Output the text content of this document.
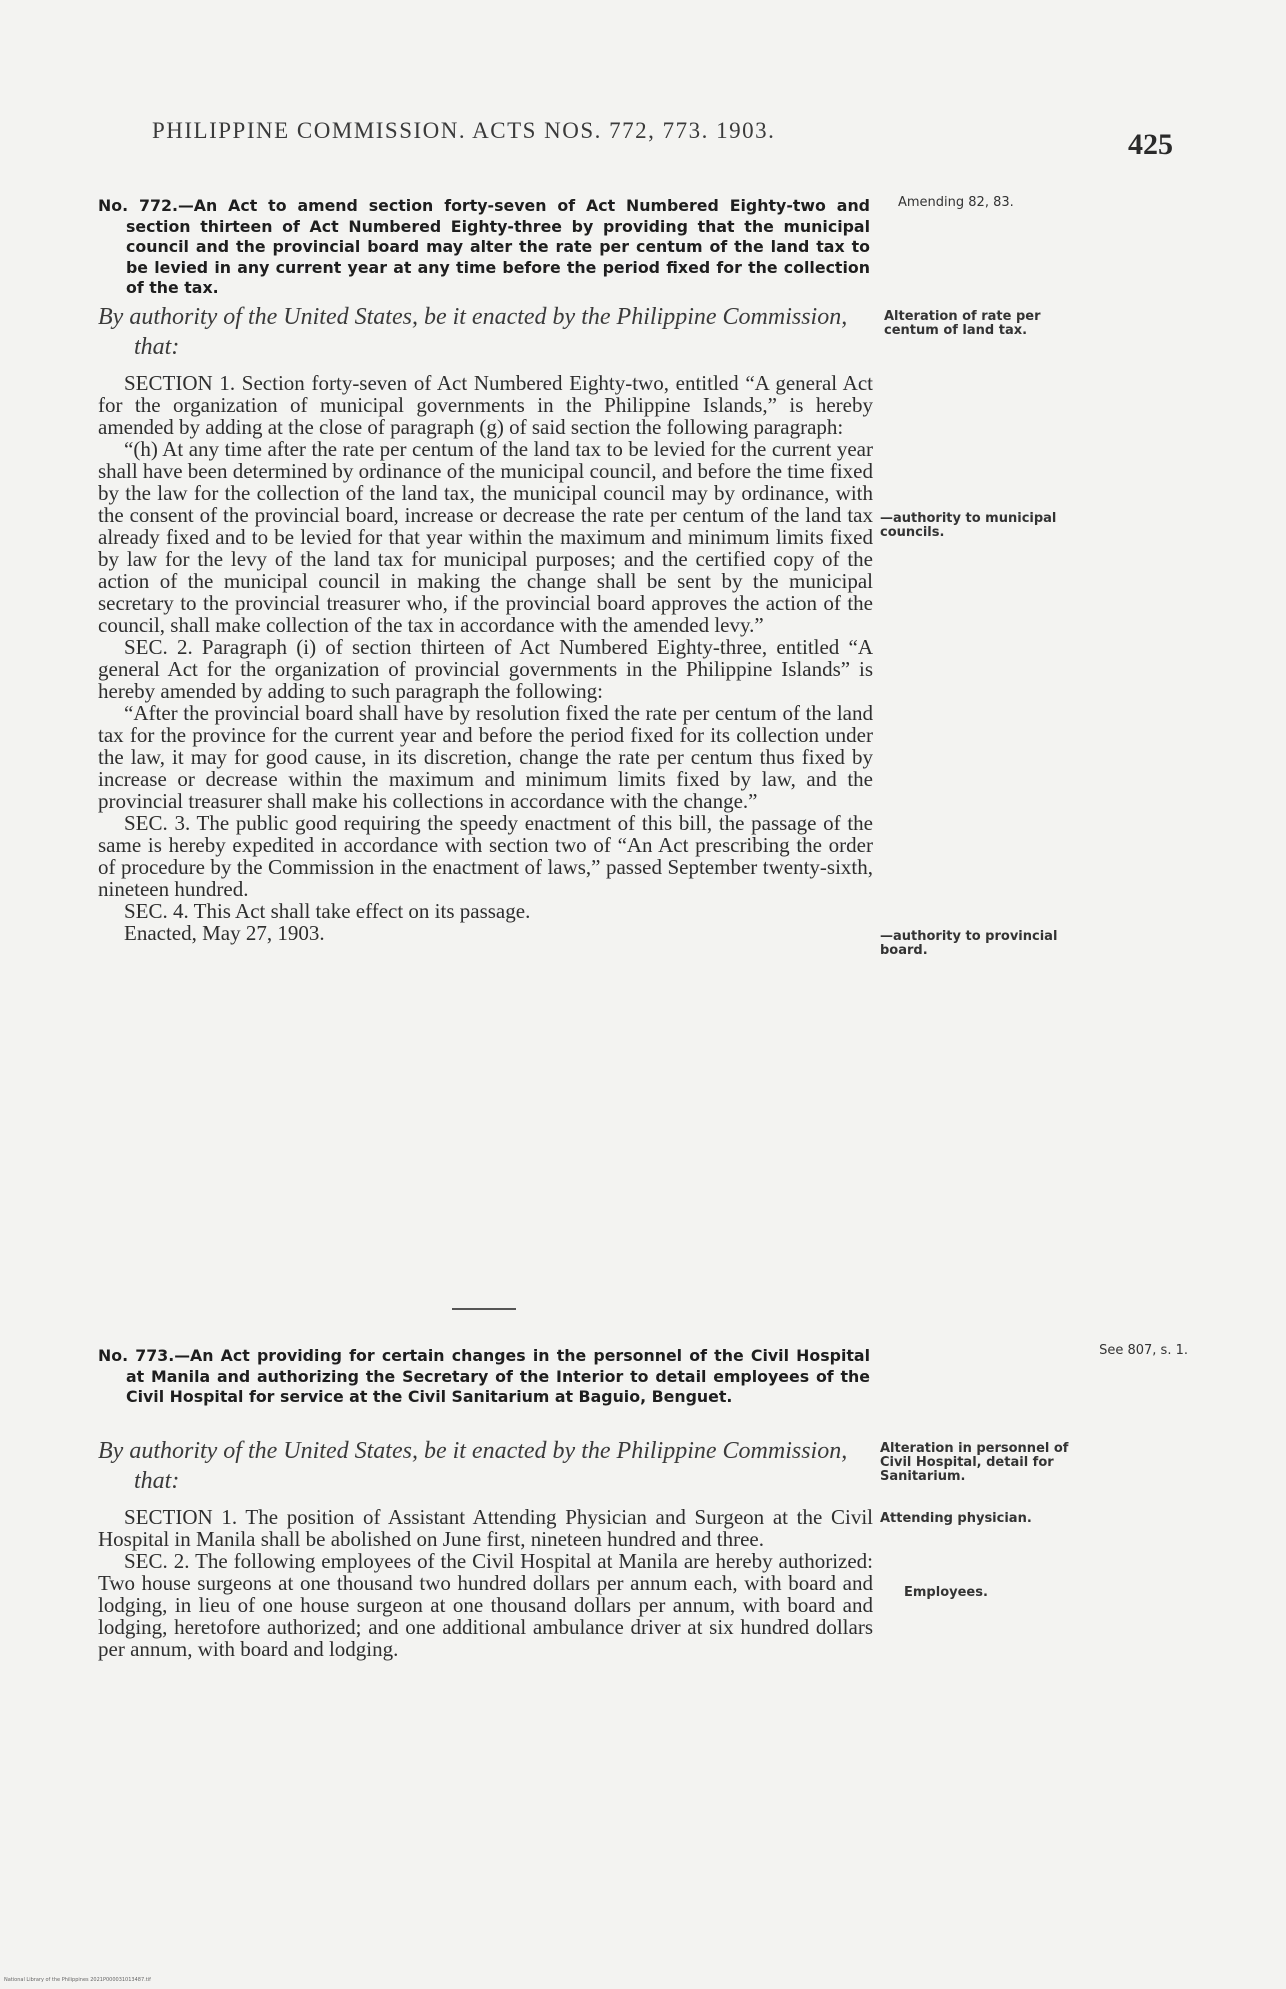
PHILIPPINE COMMISSION. ACTS NOS. 772, 773. 1903.	425
No. 772.—An Act to amend section forty-seven of Act Numbered Eighty-two and section thirteen of Act Numbered Eighty-three by providing that the municipal council and the provincial board may alter the rate per centum of the land tax to be levied in any current year at any time before the period fixed for the collection of the tax.
By authority of the United States, be it enacted by the Philippine Commission, that:

SECTION 1. Section forty-seven of Act Numbered Eighty-two, entitled “A general Act for the organization of municipal governments in the Philippine Islands,” is hereby amended by adding at the close of paragraph (g) of said section the following paragraph:

“(h) At any time after the rate per centum of the land tax to be levied for the current year shall have been determined by ordinance of the municipal council, and before the time fixed by the law for the collection of the land tax, the municipal council may by ordinance, with the consent of the provincial board, increase or decrease the rate per centum of the land tax already fixed and to be levied for that year within the maximum and minimum limits fixed by law for the levy of the land tax for municipal purposes; and the certified copy of the action of the municipal council in making the change shall be sent by the municipal secretary to the provincial treasurer who, if the provincial board approves the action of the council, shall make collection of the tax in accordance with the amended levy.”

SEC. 2. Paragraph (i) of section thirteen of Act Numbered Eighty-three, entitled “A general Act for the organization of provincial governments in the Philippine Islands” is hereby amended by adding to such paragraph the following:

“After the provincial board shall have by resolution fixed the rate per centum of the land tax for the province for the current year and before the period fixed for its collection under the law, it may for good cause, in its discretion, change the rate per centum thus fixed by increase or decrease within the maximum and minimum limits fixed by law, and the provincial treasurer shall make his collections in accordance with the change.”

SEC. 3. The public good requiring the speedy enactment of this bill, the passage of the same is hereby expedited in accordance with section two of “An Act prescribing the order of procedure by the Commission in the enactment of laws,” passed September twenty-sixth, nineteen hundred.

SEC. 4. This Act shall take effect on its passage.

Enacted, May 27, 1903.

No. 773.—An Act providing for certain changes in the personnel of the Civil Hospital at Manila and authorizing the Secretary of the Interior to detail employees of the Civil Hospital for service at the Civil Sanitarium at Baguio, Benguet.
By authority of the United States, be it enacted by the Philippine Commission, that:

SECTION 1. The position of Assistant Attending Physician and Surgeon at the Civil Hospital in Manila shall be abolished on June first, nineteen hundred and three.

SEC. 2. The following employees of the Civil Hospital at Manila are hereby authorized: Two house surgeons at one thousand two hundred dollars per annum each, with board and lodging, in lieu of one house surgeon at one thousand dollars per annum, with board and lodging, heretofore authorized; and one additional ambulance driver at six hundred dollars per annum, with board and lodging.

Amending 82, 83.
Alteration of rate per centum of land tax.
—authority to municipal councils.
—authority to provincial board.
See 807, s. 1.
Alteration in personnel of Civil Hospital, detail for Sanitarium.
Attending physician.
Employees.
National Library of the Philippines 2021P000031013487.tif
